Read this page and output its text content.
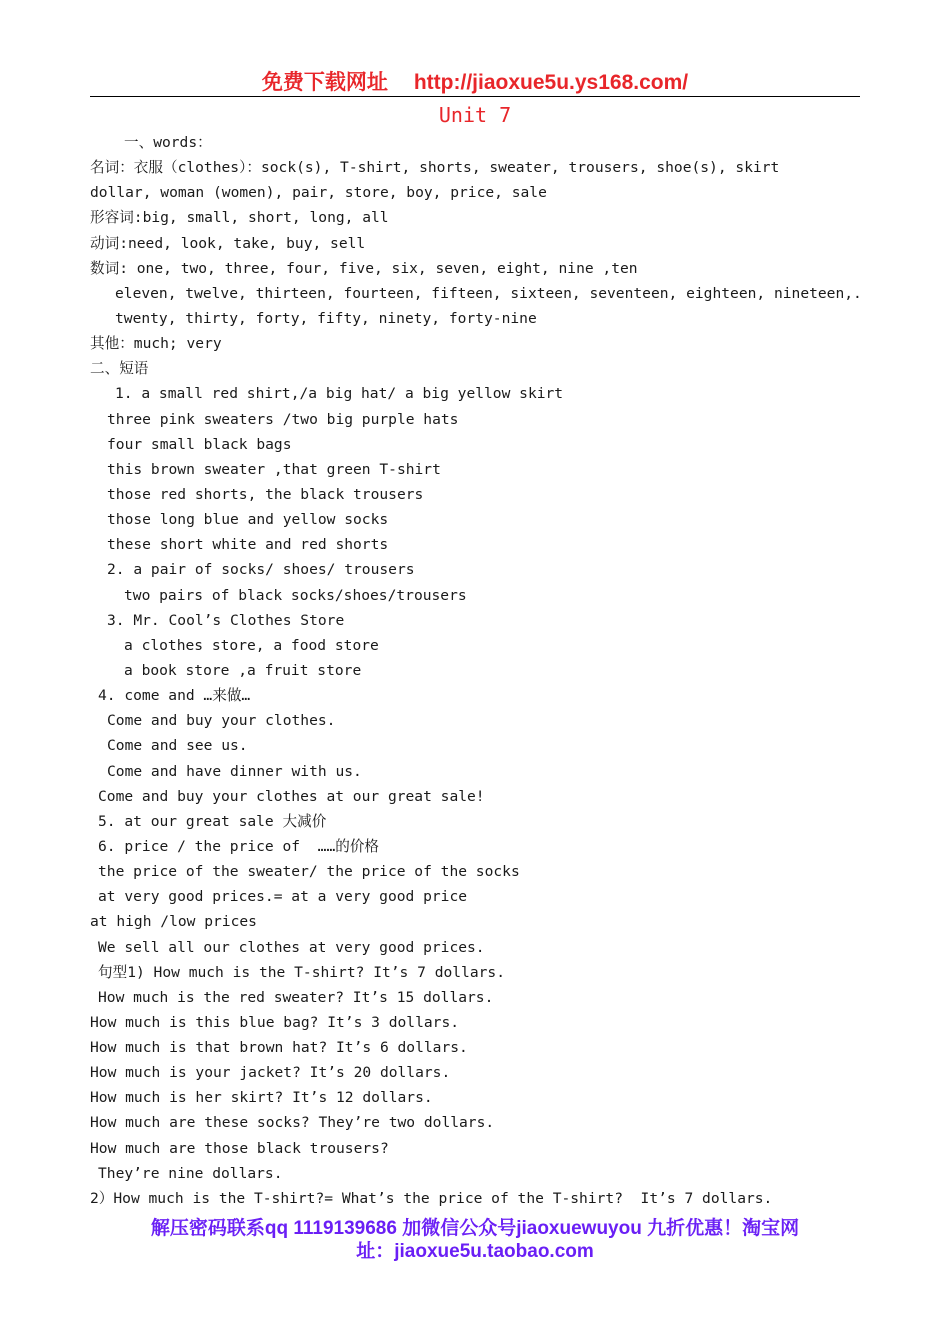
免费下载网址 http://jiaoxue5u.ys168.com/
Unit 7
一、words：
名词：衣服（clothes）：sock(s), T-shirt, shorts, sweater, trousers, shoe(s), skirt
dollar, woman (women), pair, store, boy, price, sale
形容词:big, small, short, long, all
动词:need, look, take, buy, sell
数词: one, two, three, four, five, six, seven, eight, nine ,ten
eleven, twelve, thirteen, fourteen, fifteen, sixteen, seventeen, eighteen, nineteen,.
twenty, thirty, forty, fifty, ninety, forty-nine
其他：much; very
二、短语
1. a small red shirt,/a big hat/ a big yellow skirt
three pink sweaters /two big purple hats
four small black bags
this brown sweater ,that green T-shirt
those red shorts, the black trousers
those long blue and yellow socks
these short white and red shorts
2. a pair of socks/ shoes/ trousers
two pairs of black socks/shoes/trousers
3. Mr. Cool’s Clothes Store
a clothes store, a food store
a book store ,a fruit store
4. come and …来做…
Come and buy your clothes.
Come and see us.
Come and have dinner with us.
Come and buy your clothes at our great sale!
5. at our great sale 大减价
6. price / the price of  ……的价格
the price of the sweater/ the price of the socks
at very good prices.= at a very good price
at high /low prices
We sell all our clothes at very good prices.
句型1) How much is the T-shirt? It’s 7 dollars.
How much is the red sweater? It’s 15 dollars.
How much is this blue bag? It’s 3 dollars.
How much is that brown hat? It’s 6 dollars.
How much is your jacket? It’s 20 dollars.
How much is her skirt? It’s 12 dollars.
How much are these socks? They’re two dollars.
How much are those black trousers?
They’re nine dollars.
2）How much is the T-shirt?= What’s the price of the T-shirt?  It’s 7 dollars.
解压密码联系qq 1119139686 加微信公众号jiaoxuewuyou 九折优惠！淘宝网
址：jiaoxue5u.taobao.com
